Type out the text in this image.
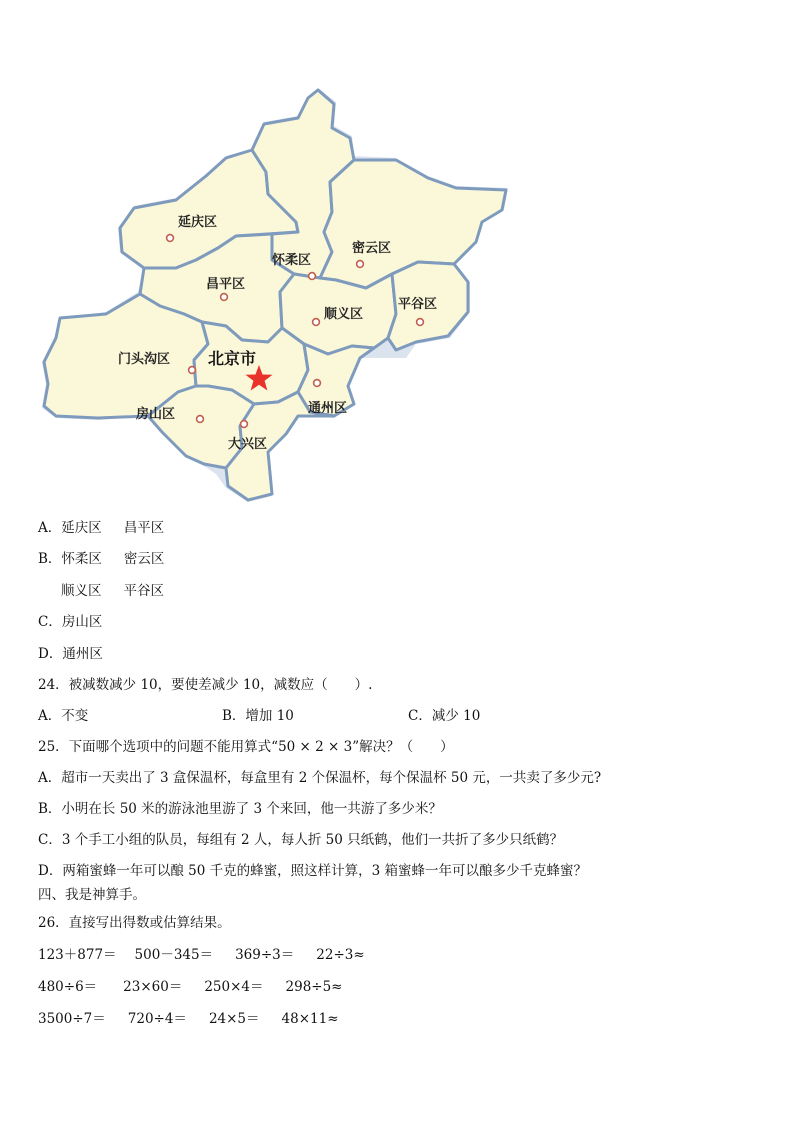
延庆区
怀柔区
密云区
昌平区
顺义区
平谷区
门头沟区 北京市
通州区
房山区
大兴区
A．延庆区 昌平区
B．怀柔区 密云区
顺义区 平谷区
C．房山区
D．通州区
24．被减数减少 10，要使差减少 10，减数应（　　）.
A．不变	B．增加 10	C．减少 10
25．下面哪个选项中的问题不能用算式“50 × 2 × 3”解决？（　　）
A．超市一天卖出了 3 盒保温杯，每盒里有 2 个保温杯，每个保温杯 50 元，一共卖了多少元?
B．小明在长 50 米的游泳池里游了 3 个来回，他一共游了多少米？
C．3 个手工小组的队员，每组有 2 人，每人折 50 只纸鹤，他们一共折了多少只纸鹤？
D．两箱蜜蜂一年可以酿 50 千克的蜂蜜，照这样计算，3 箱蜜蜂一年可以酿多少千克蜂蜜？
四、我是神算手。
26．直接写出得数或估算结果。
123＋877＝ 500－345＝ 369÷3＝ 22÷3≈
480÷6＝ 23×60＝ 250×4＝ 298÷5≈
3500÷7＝ 720÷4＝ 24×5＝ 48×11≈
